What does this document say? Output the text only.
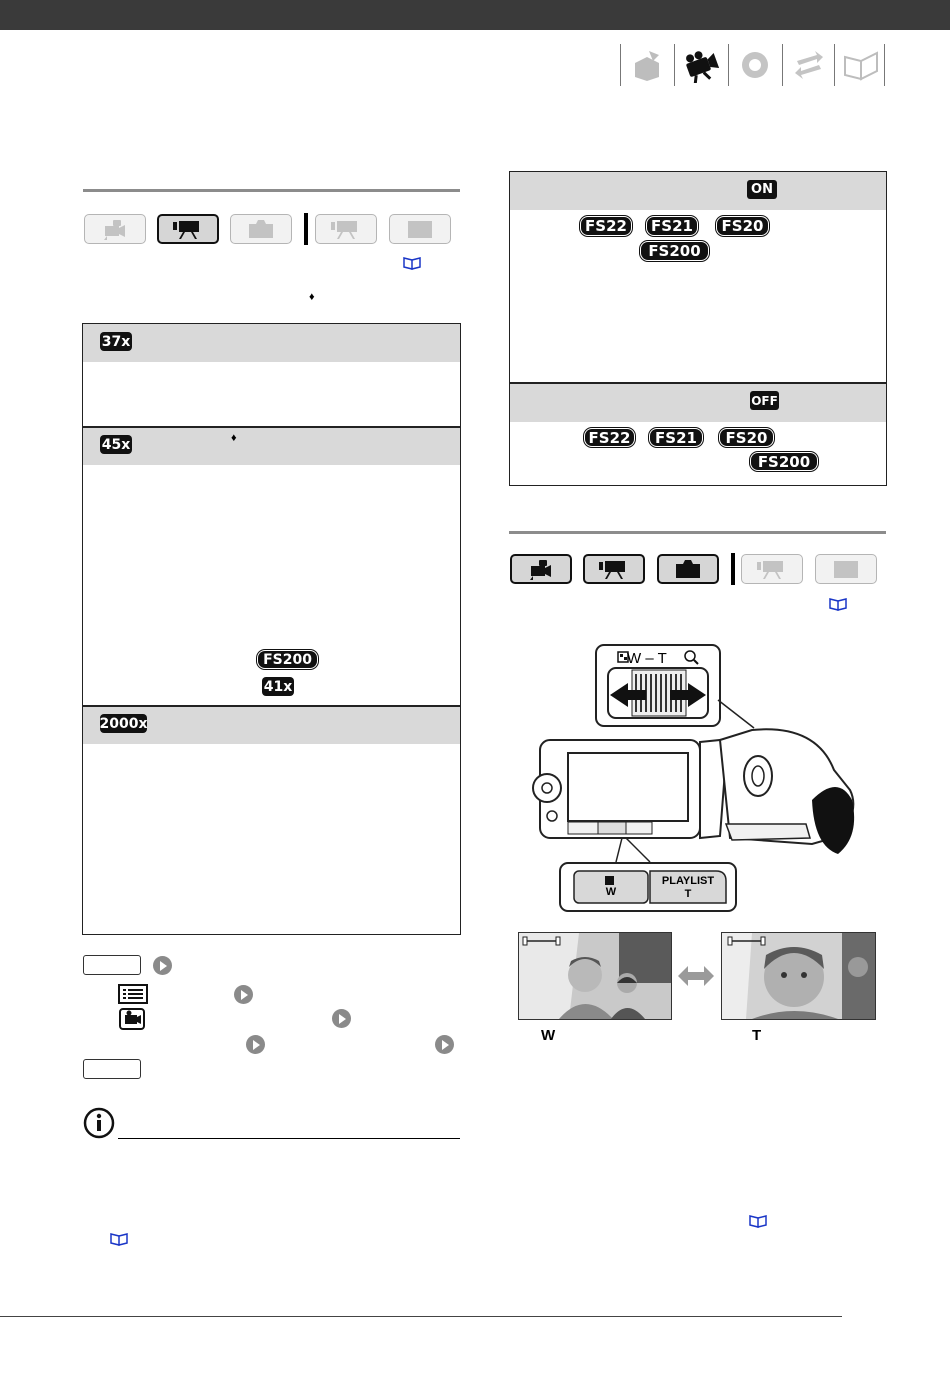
♦
37x
45x	♦
FS200
41x
2000x
ON
FS22 FS21	FS20
FS200
OFF
FS22	FS21	FS20
FS200
W
PLAYLIST
T
W – T
W	T
